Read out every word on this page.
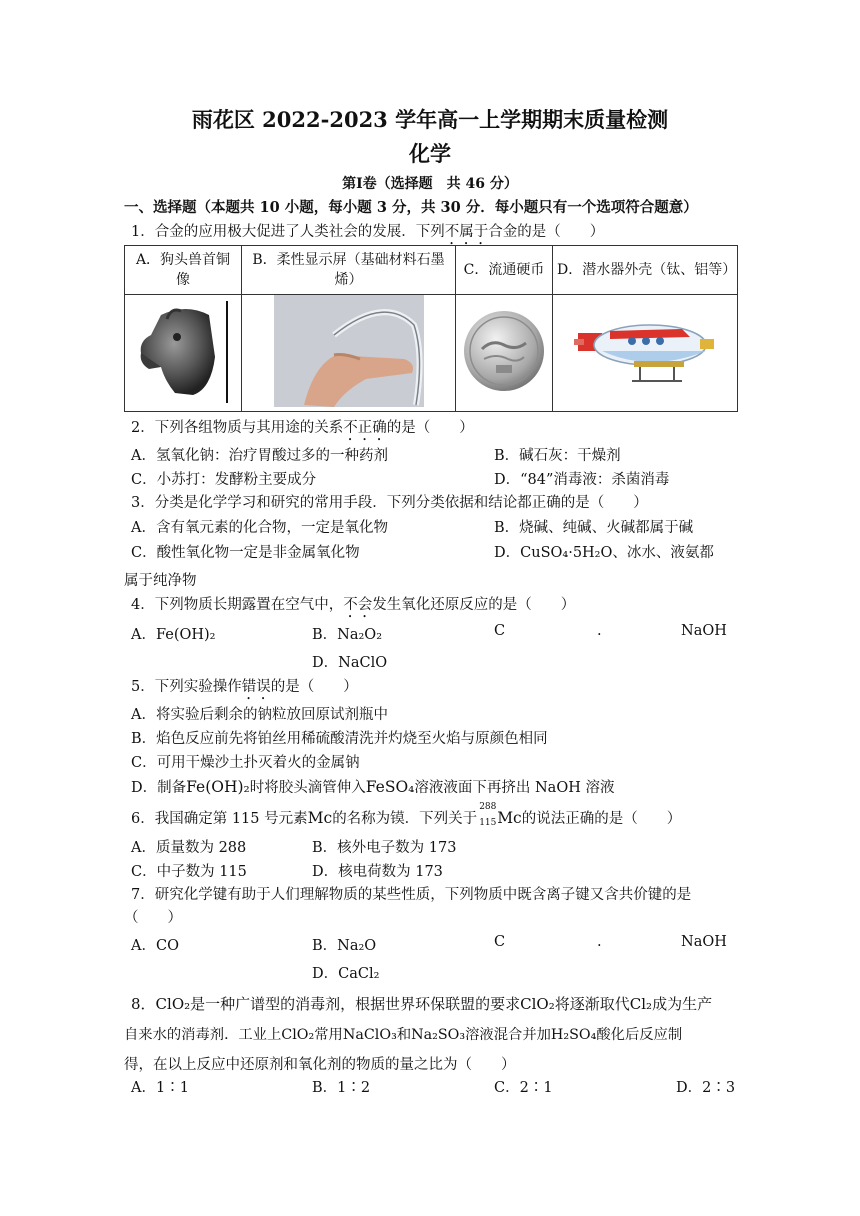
雨花区 2022-2023 学年高一上学期期末质量检测
化学
第Ⅰ卷（选择题　共 46 分）
一、选择题（本题共 10 小题，每小题 3 分，共 30 分．每小题只有一个选项符合题意）
1．合金的应用极大促进了人类社会的发展．下列不属于合金的是（　　）
A．狗头兽首铜像	B．柔性显示屏（基础材料石墨烯）	C．流通硬币	D．潜水器外壳（钛、铝等）

2．下列各组物质与其用途的关系不正确的是（　　）
A．氢氧化钠：治疗胃酸过多的一种药剂	B．碱石灰：干燥剂
C．小苏打：发酵粉主要成分	D．“84”消毒液：杀菌消毒
3．分类是化学学习和研究的常用手段．下列分类依据和结论都正确的是（　　）
A．含有氧元素的化合物，一定是氧化物	B．烧碱、纯碱、火碱都属于碱
C．酸性氧化物一定是非金属氧化物	D．CuSO₄·5H₂O、冰水、液氨都
属于纯净物
4．下列物质长期露置在空气中，不会发生氧化还原反应的是（　　）
A．Fe(OH)₂	B．Na₂O₂	C	.	NaOH
D．NaClO
5．下列实验操作错误的是（　　）
A．将实验后剩余的钠粒放回原试剂瓶中
B．焰色反应前先将铂丝用稀硫酸清洗并灼烧至火焰与原颜色相同
C．可用干燥沙土扑灭着火的金属钠
D．制备Fe(OH)₂时将胶头滴管伸入FeSO₄溶液液面下再挤出 NaOH 溶液
6．我国确定第 115 号元素Mc的名称为镆．下列关于
288
115 Mc的说法正确的是（　　）
A．质量数为 288	B．核外电子数为 173
C．中子数为 115	D．核电荷数为 173
7．研究化学键有助于人们理解物质的某些性质，下列物质中既含离子键又含共价键的是
（　　）
A．CO	B．Na₂O	C	.	NaOH
D．CaCl₂
8．ClO₂是一种广谱型的消毒剂，根据世界环保联盟的要求ClO₂将逐渐取代Cl₂成为生产
自来水的消毒剂．工业上ClO₂常用NaClO₃和Na₂SO₃溶液混合并加H₂SO₄酸化后反应制
得，在以上反应中还原剂和氧化剂的物质的量之比为（　　）
A．1∶1	B．1∶2	C．2∶1	D．2∶3
